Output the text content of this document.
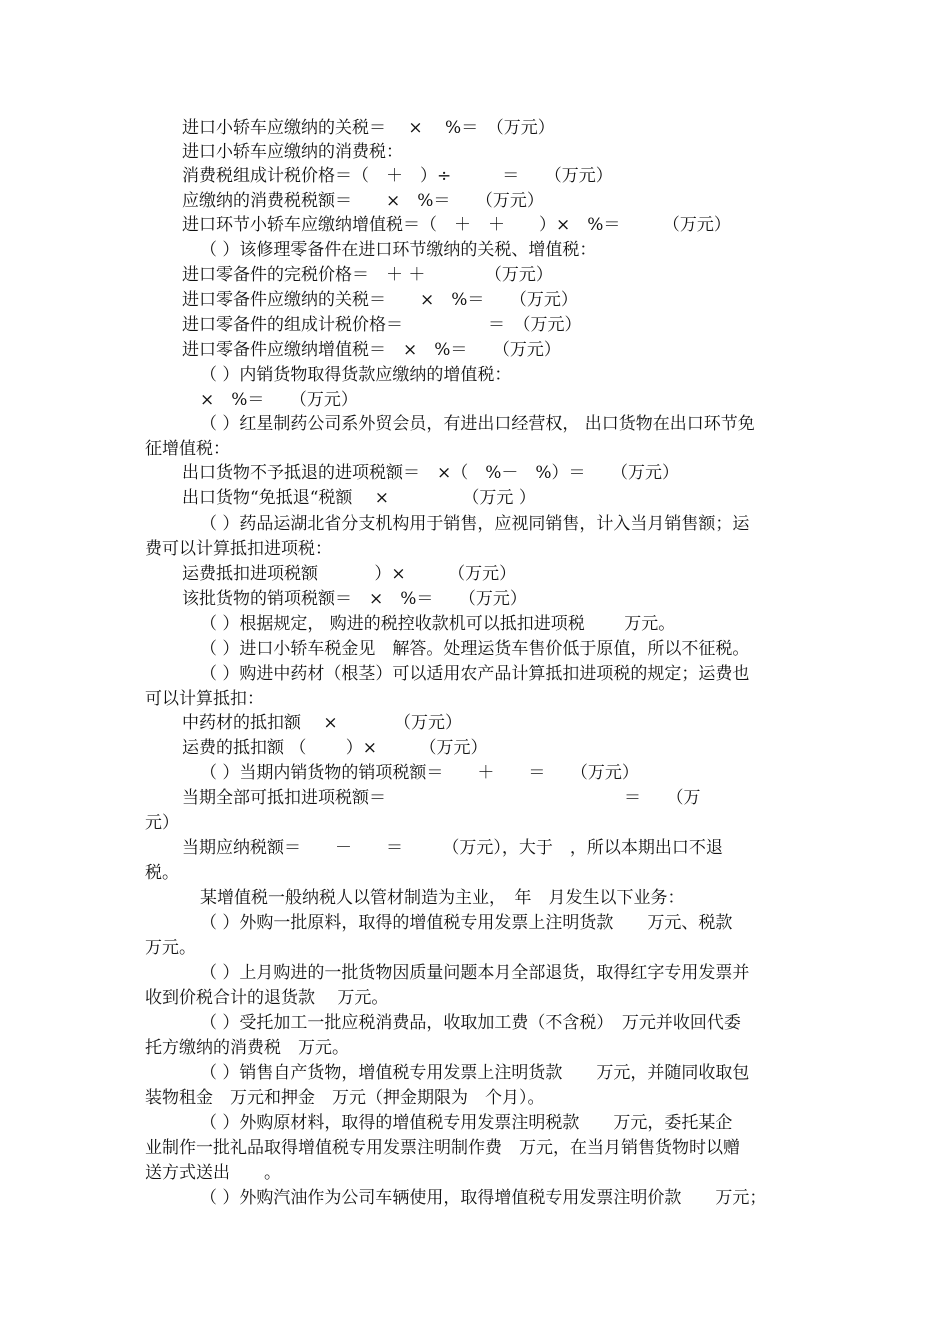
进口小轿车应缴纳的关税＝　 ×　 %＝　（万元）
进口小轿车应缴纳的消费税：
消费税组成计税价格＝（　＋　）÷　　　＝　　（万元）
应缴纳的消费税税额＝　　×　%＝　　（万元）
进口环节小轿车应缴纳增值税＝（　＋　＋　　）×　%＝　　　（万元）
（ ）该修理零备件在进口环节缴纳的关税、增值税：
进口零备件的完税价格＝　＋ ＋　　　　（万元）
进口零备件应缴纳的关税＝　　×　%＝　　（万元）
进口零备件的组成计税价格＝　　　　　＝　（万元）
进口零备件应缴纳增值税＝　×　%＝　　（万元）
（ ）内销货物取得货款应缴纳的增值税：
×　%＝　　（万元）
（ ）红星制药公司系外贸会员，有进出口经营权， 出口货物在出口环节免
征增值税：
出口货物不予抵退的进项税额＝　×（　%－　%）＝　　（万元）
出口货物“免抵退“税额　 ×　　　　 （万元 ）
（ ）药品运湖北省分支机构用于销售，应视同销售，计入当月销售额；运
费可以计算抵扣进项税：
运费抵扣进项税额　　　 ）×　　　（万元）
该批货物的销项税额＝　×　%＝　　（万元）
（ ）根据规定， 购进的税控收款机可以抵扣进项税　　 万元。
（ ）进口小轿车税金见　解答。处理运货车售价低于原值，所以不征税。
（ ）购进中药材（根茎）可以适用农产品计算抵扣进项税的规定；运费也
可以计算抵扣：
中药材的抵扣额　 ×　　　 （万元）
运费的抵扣额 （　　 ）×　　　（万元）
（ ）当期内销货物的销项税额＝　　＋　　＝　　（万元）
当期全部可抵扣进项税额＝　　　　　　　　　　　　　　＝　　（万
元）
当期应纳税额＝　　－　　＝　　 （万元），大于　，所以本期出口不退
税。
某增值税一般纳税人以管材制造为主业，　年　月发生以下业务：
（ ）外购一批原料，取得的增值税专用发票上注明货款　　万元、税款
万元。
（ ）上月购进的一批货物因质量问题本月全部退货，取得红字专用发票并
收到价税合计的退货款　 万元。
（ ）受托加工一批应税消费品，收取加工费（不含税）　万元并收回代委
托方缴纳的消费税　万元。
（ ）销售自产货物，增值税专用发票上注明货款　　万元，并随同收取包
装物租金　万元和押金　万元（押金期限为　个月）。
（ ）外购原材料，取得的增值税专用发票注明税款　　万元，委托某企
业制作一批礼品取得增值税专用发票注明制作费　万元，在当月销售货物时以赠
送方式送出　　。
（ ）外购汽油作为公司车辆使用，取得增值税专用发票注明价款　　万元；
